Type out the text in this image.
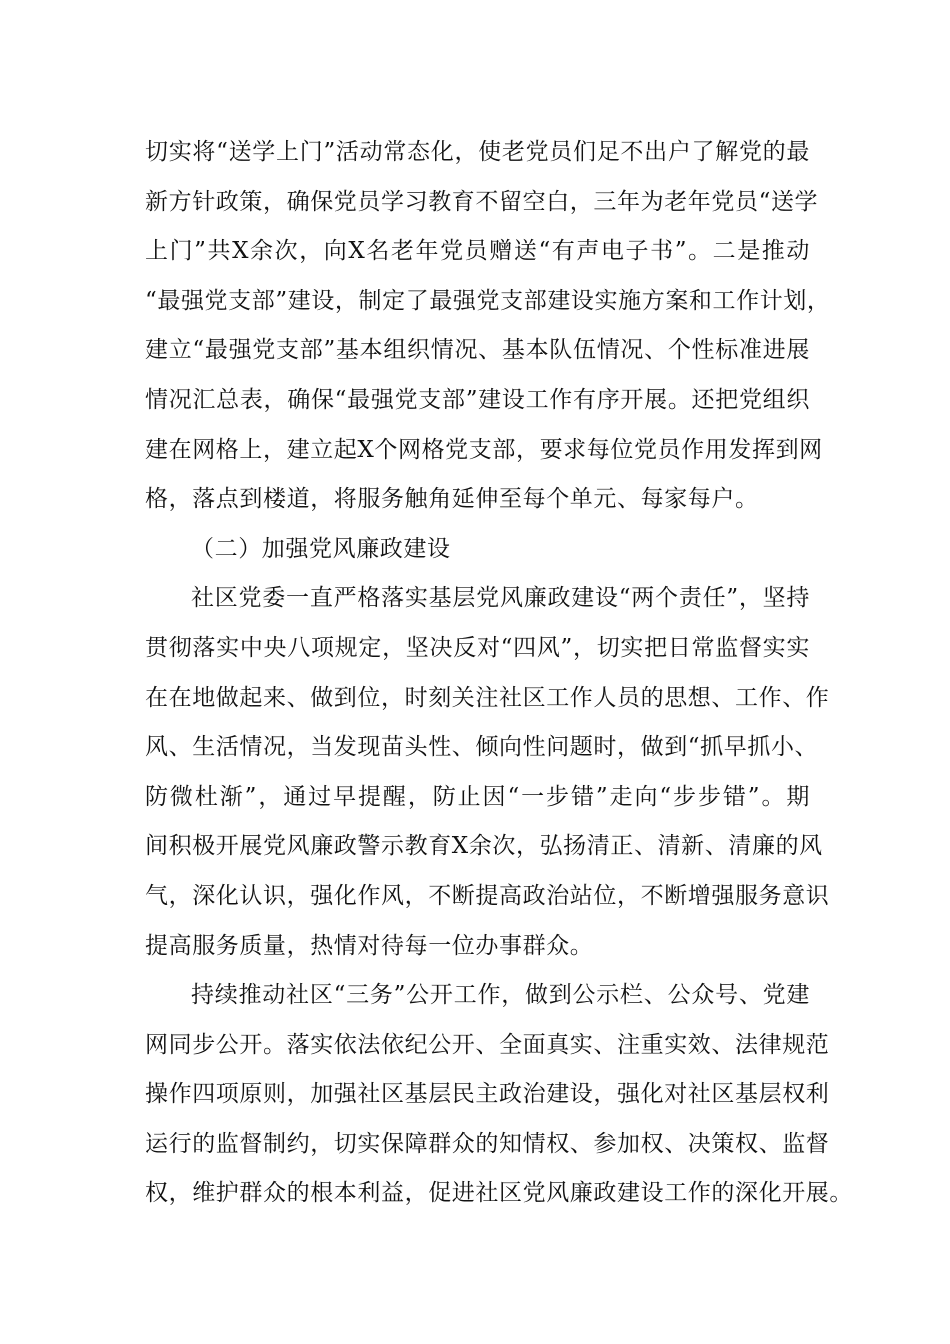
切实将“送学上门”活动常态化，使老党员们足不出户了解党的最
新方针政策，确保党员学习教育不留空白，三年为老年党员“送学
上门”共X余次，向X名老年党员赠送“有声电子书”。二是推动
“最强党支部”建设，制定了最强党支部建设实施方案和工作计划，
建立“最强党支部”基本组织情况、基本队伍情况、个性标准进展
情况汇总表，确保“最强党支部”建设工作有序开展。还把党组织
建在网格上，建立起X个网格党支部，要求每位党员作用发挥到网
格，落点到楼道，将服务触角延伸至每个单元、每家每户。
（二）加强党风廉政建设
社区党委一直严格落实基层党风廉政建设“两个责任”，坚持
贯彻落实中央八项规定，坚决反对“四风”，切实把日常监督实实
在在地做起来、做到位，时刻关注社区工作人员的思想、工作、作
风、生活情况，当发现苗头性、倾向性问题时，做到“抓早抓小、
防微杜渐”，通过早提醒，防止因“一步错”走向“步步错”。期
间积极开展党风廉政警示教育X余次，弘扬清正、清新、清廉的风
气，深化认识，强化作风，不断提高政治站位，不断增强服务意识
提高服务质量，热情对待每一位办事群众。
持续推动社区“三务”公开工作，做到公示栏、公众号、党建
网同步公开。落实依法依纪公开、全面真实、注重实效、法律规范
操作四项原则，加强社区基层民主政治建设，强化对社区基层权利
运行的监督制约，切实保障群众的知情权、参加权、决策权、监督
权，维护群众的根本利益，促进社区党风廉政建设工作的深化开展。
